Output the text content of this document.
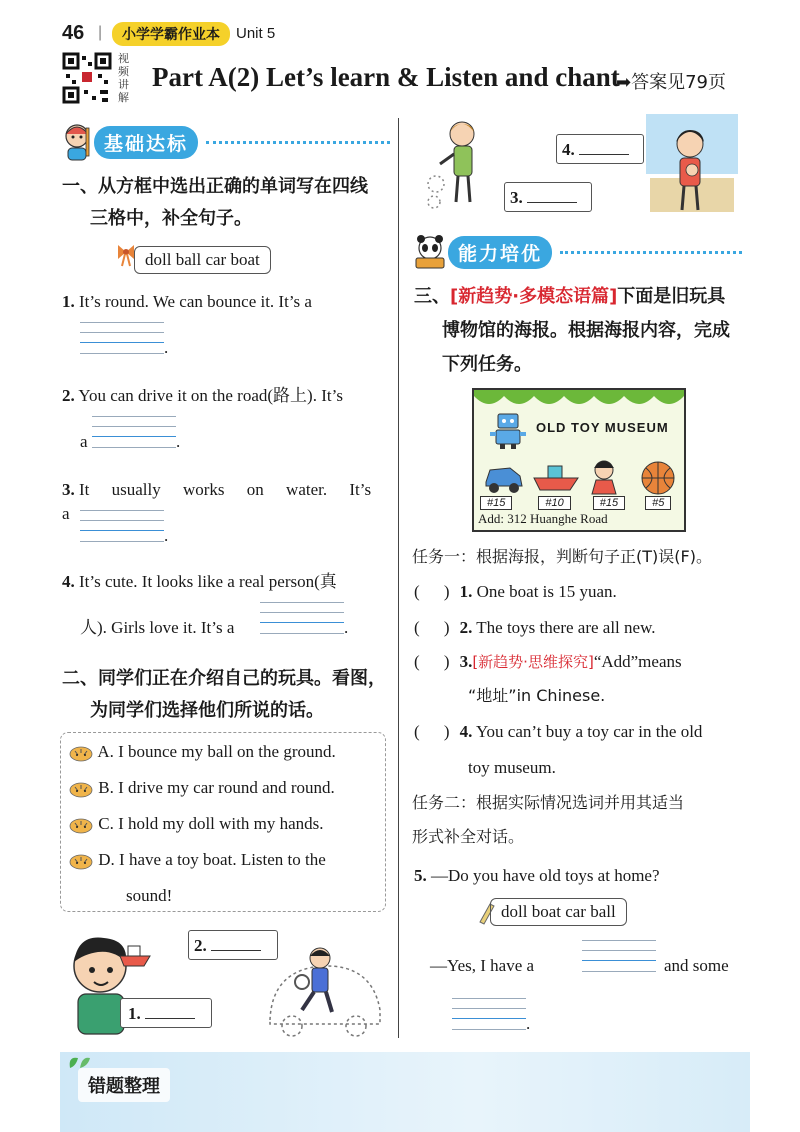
46 |	小学学霸作业本	Unit 5
视频讲解
Part A(2) Let’s learn & Listen and chant
➡答案见79页
基础达标
一、从方框中选出正确的单词写在四线
三格中，补全句子。
doll ball car boat
1. It’s round. We can bounce it. It’s a
.
2. You can drive it on the road(路上). It’s
a	.
3. It usually works on water. It’s a
.
4. It’s cute. It looks like a real person(真
人). Girls love it. It’s a	.
二、同学们正在介绍自己的玩具。看图，
为同学们选择他们所说的话。
A. I bounce my ball on the ground.
B. I drive my car round and round.
C. I hold my doll with my hands.
D. I have a toy boat. Listen to the
sound!
1.
2.
3.
4.
能力培优
三、[新趋势·多模态语篇]下面是旧玩具
博物馆的海报。根据海报内容，完成
下列任务。
OLD TOY MUSEUM
#15	#10	#15	#5
Add: 312 Huanghe Road
任务一：根据海报，判断句子正(T)误(F)。
( )1. One boat is 15 yuan.
( )2. The toys there are all new.
( )3.[新趋势·思维探究]“Add”means
“地址”in Chinese.
( )4. You can’t buy a toy car in the old
toy museum.
任务二：根据实际情况选词并用其适当
形式补全对话。
5. —Do you have old toys at home?
doll boat car ball
—Yes, I have a	and some
.
错题整理
